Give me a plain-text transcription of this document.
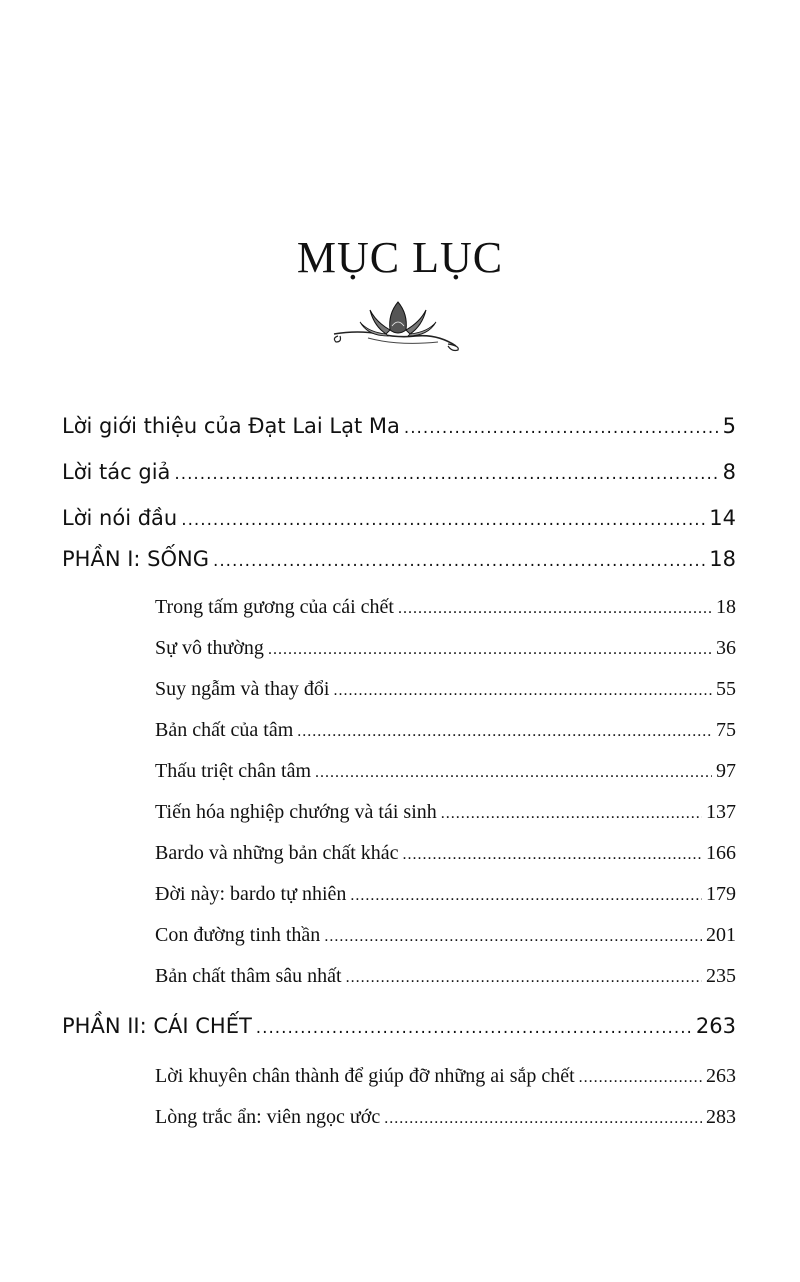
MỤC LỤC
Lời giới thiệu của Đạt Lai Lạt Ma .....	5
Lời tác giả .....	8
Lời nói đầu .....	14
PHẦN I: SỐNG .....	18
Trong tấm gương của cái chết .....	18
Sự vô thường .....	36
Suy ngẫm và thay đổi .....	55
Bản chất của tâm .....	75
Thấu triệt chân tâm .....	97
Tiến hóa nghiệp chướng và tái sinh .....	137
Bardo và những bản chất khác .....	166
Đời này: bardo tự nhiên .....	179
Con đường tinh thần .....	201
Bản chất thâm sâu nhất .....	235
PHẦN II: CÁI CHẾT .....	263
Lời khuyên chân thành để giúp đỡ những ai sắp chết .....	263
Lòng trắc ẩn: viên ngọc ước .....	283
